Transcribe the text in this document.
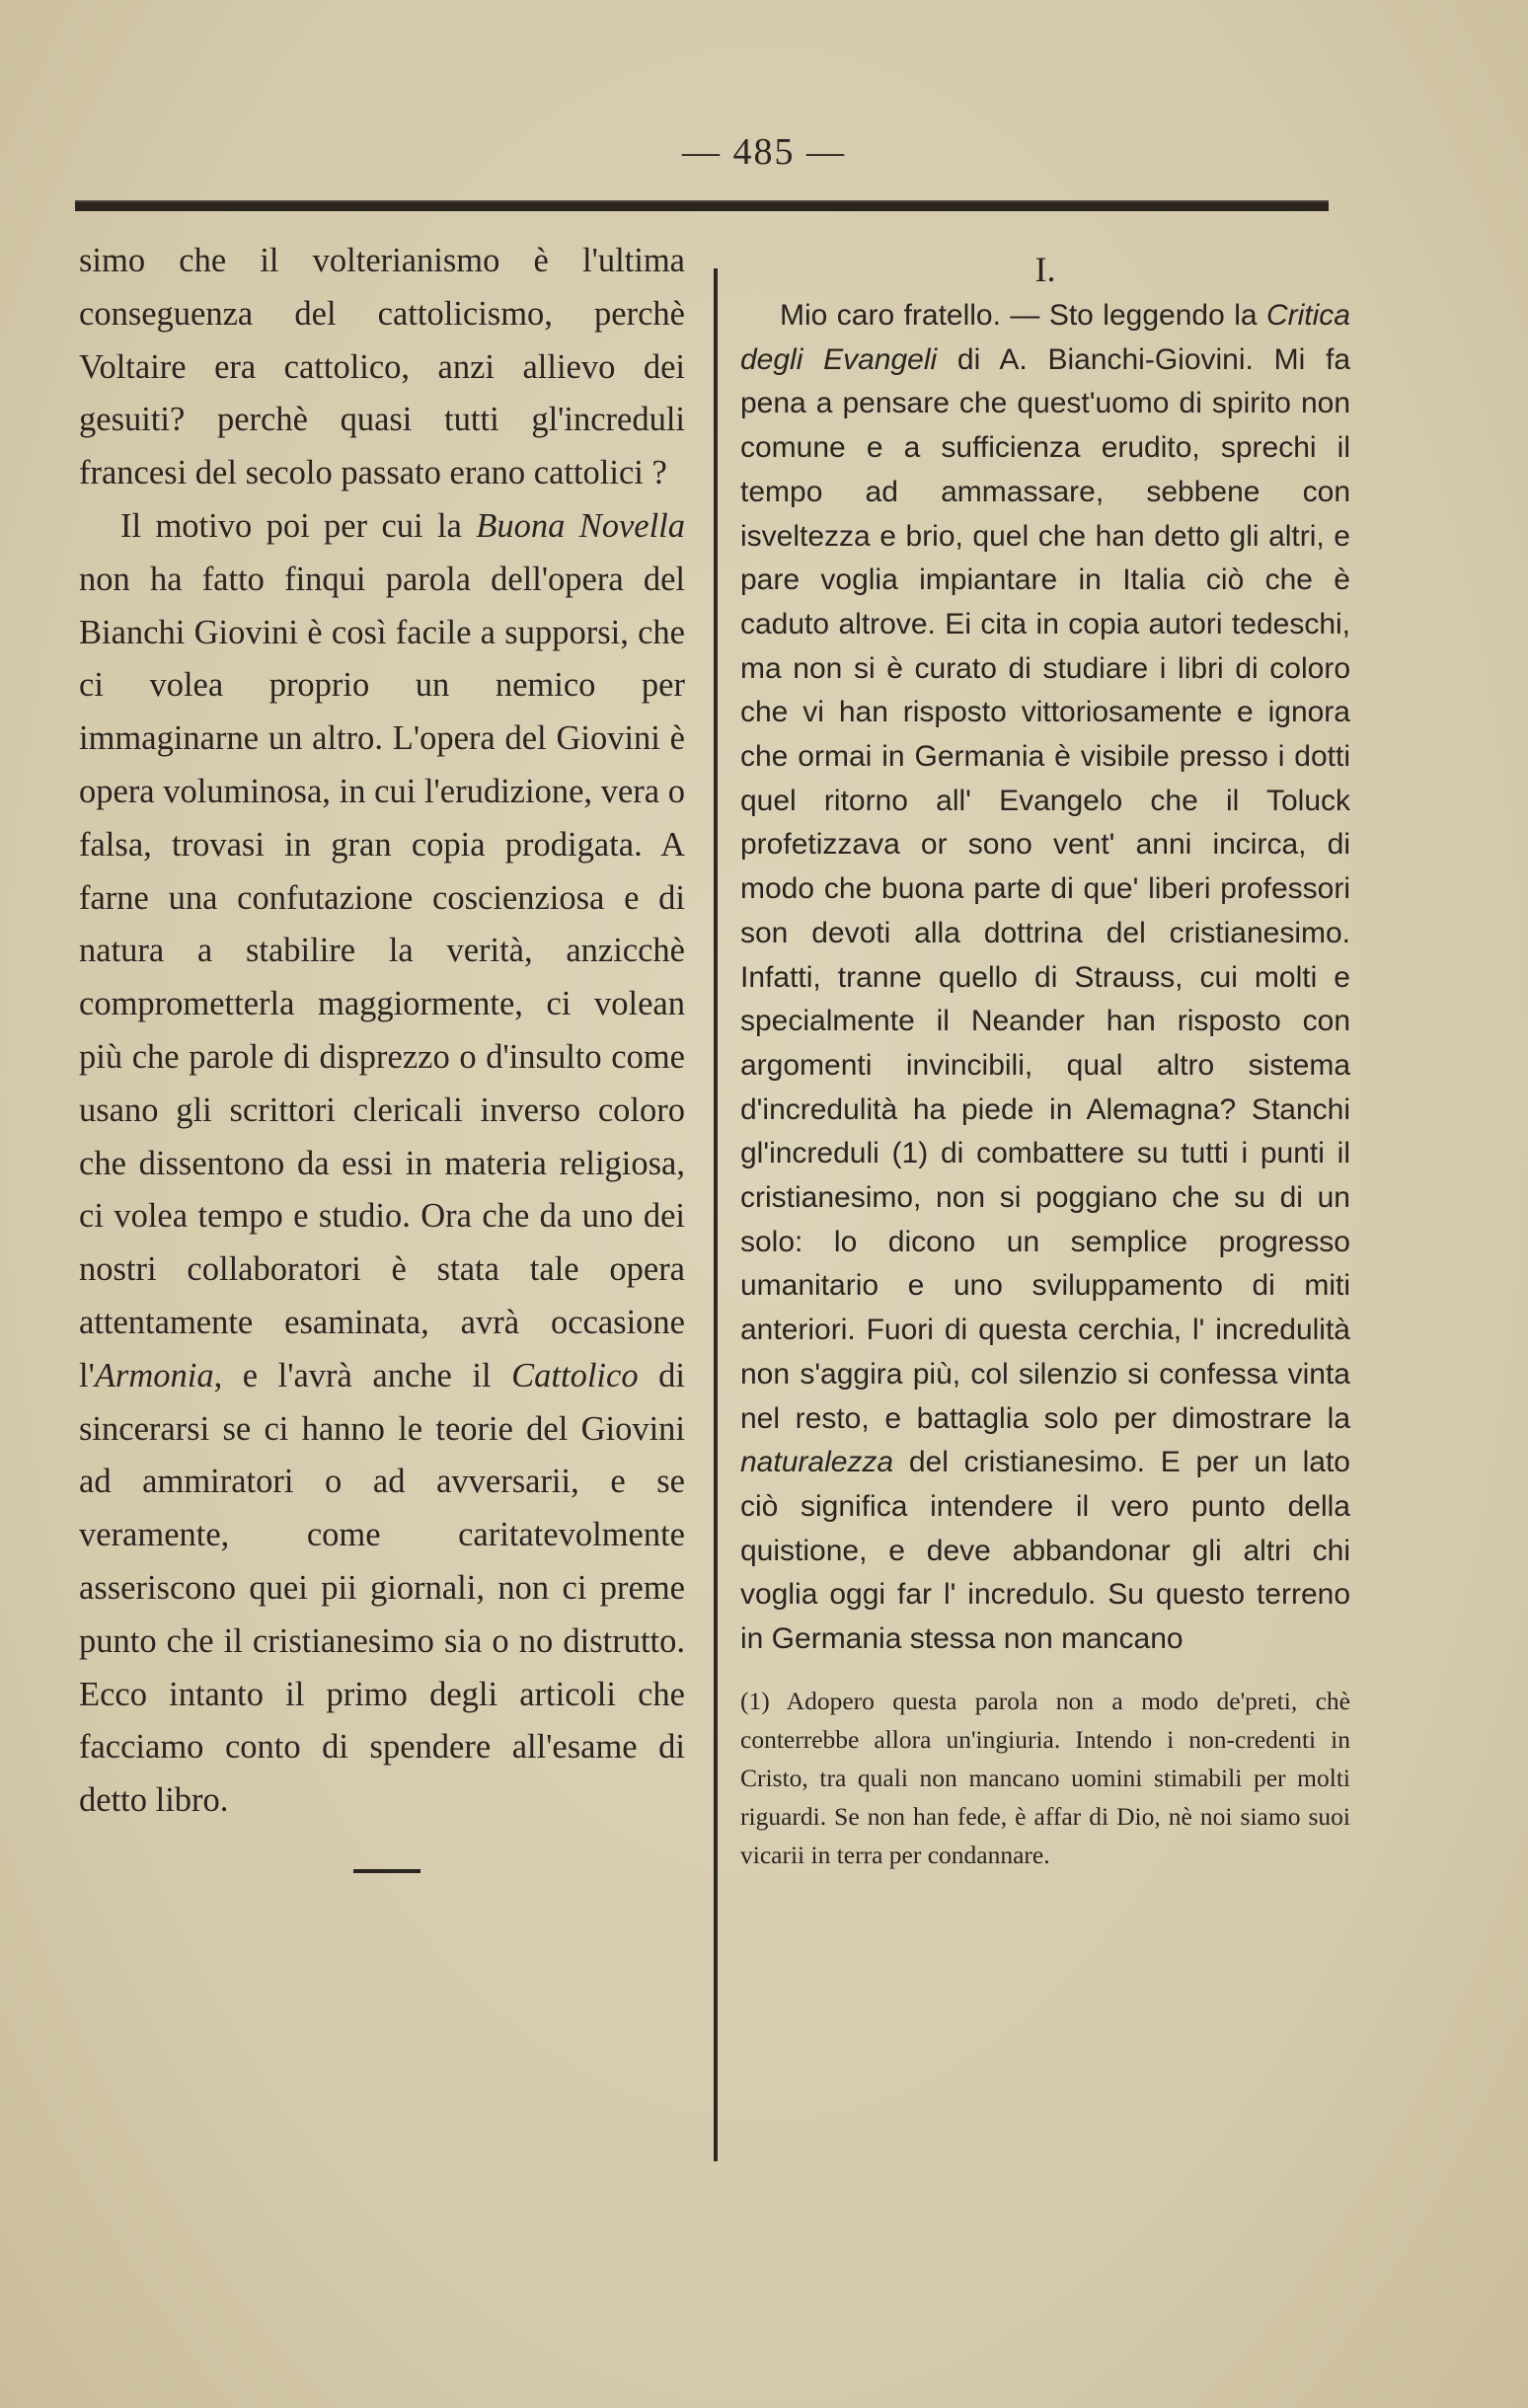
— 485 —

simo che il volterianismo è l'ultima conseguenza del cattolicismo, perchè Voltaire era cattolico, anzi allievo dei gesuiti? perchè quasi tutti gl'increduli francesi del secolo passato erano cattolici ?

Il motivo poi per cui la Buona Novella non ha fatto finqui parola dell'opera del Bianchi Giovini è così facile a supporsi, che ci volea proprio un nemico per immaginarne un altro. L'opera del Giovini è opera voluminosa, in cui l'erudizione, vera o falsa, trovasi in gran copia prodigata. A farne una confutazione coscienziosa e di natura a stabilire la verità, anzicchè comprometterla maggiormente, ci volean più che parole di disprezzo o d'insulto come usano gli scrittori clericali inverso coloro che dissentono da essi in materia religiosa, ci volea tempo e studio. Ora che da uno dei nostri collaboratori è stata tale opera attentamente esaminata, avrà occasione l'Armonia, e l'avrà anche il Cattolico di sincerarsi se ci hanno le teorie del Giovini ad ammiratori o ad avversarii, e se veramente, come caritatevolmente asseriscono quei pii giornali, non ci preme punto che il cristianesimo sia o no distrutto. Ecco intanto il primo degli articoli che facciamo conto di spendere all'esame di detto libro.

I.

Mio caro fratello. — Sto leggendo la Critica degli Evangeli di A. Bianchi-Giovini. Mi fa pena a pensare che quest'uomo di spirito non comune e a sufficienza erudito, sprechi il tempo ad ammassare, sebbene con isveltezza e brio, quel che han detto gli altri, e pare voglia impiantare in Italia ciò che è caduto altrove. Ei cita in copia autori tedeschi, ma non si è curato di studiare i libri di coloro che vi han risposto vittoriosamente e ignora che ormai in Germania è visibile presso i dotti quel ritorno all' Evangelo che il Toluck profetizzava or sono vent' anni incirca, di modo che buona parte di que' liberi professori son devoti alla dottrina del cristianesimo. Infatti, tranne quello di Strauss, cui molti e specialmente il Neander han risposto con argomenti invincibili, qual altro sistema d'incredulità ha piede in Alemagna? Stanchi gl'increduli (1) di combattere su tutti i punti il cristianesimo, non si poggiano che su di un solo: lo dicono un semplice progresso umanitario e uno sviluppamento di miti anteriori. Fuori di questa cerchia, l' incredulità non s'aggira più, col silenzio si confessa vinta nel resto, e battaglia solo per dimostrare la naturalezza del cristianesimo. E per un lato ciò significa intendere il vero punto della quistione, e deve abbandonar gli altri chi voglia oggi far l' incredulo. Su questo terreno in Germania stessa non mancano

(1) Adopero questa parola non a modo de'preti, chè conterrebbe allora un'ingiuria. Intendo i non-credenti in Cristo, tra quali non mancano uomini stimabili per molti riguardi. Se non han fede, è affar di Dio, nè noi siamo suoi vicarii in terra per condannare.
